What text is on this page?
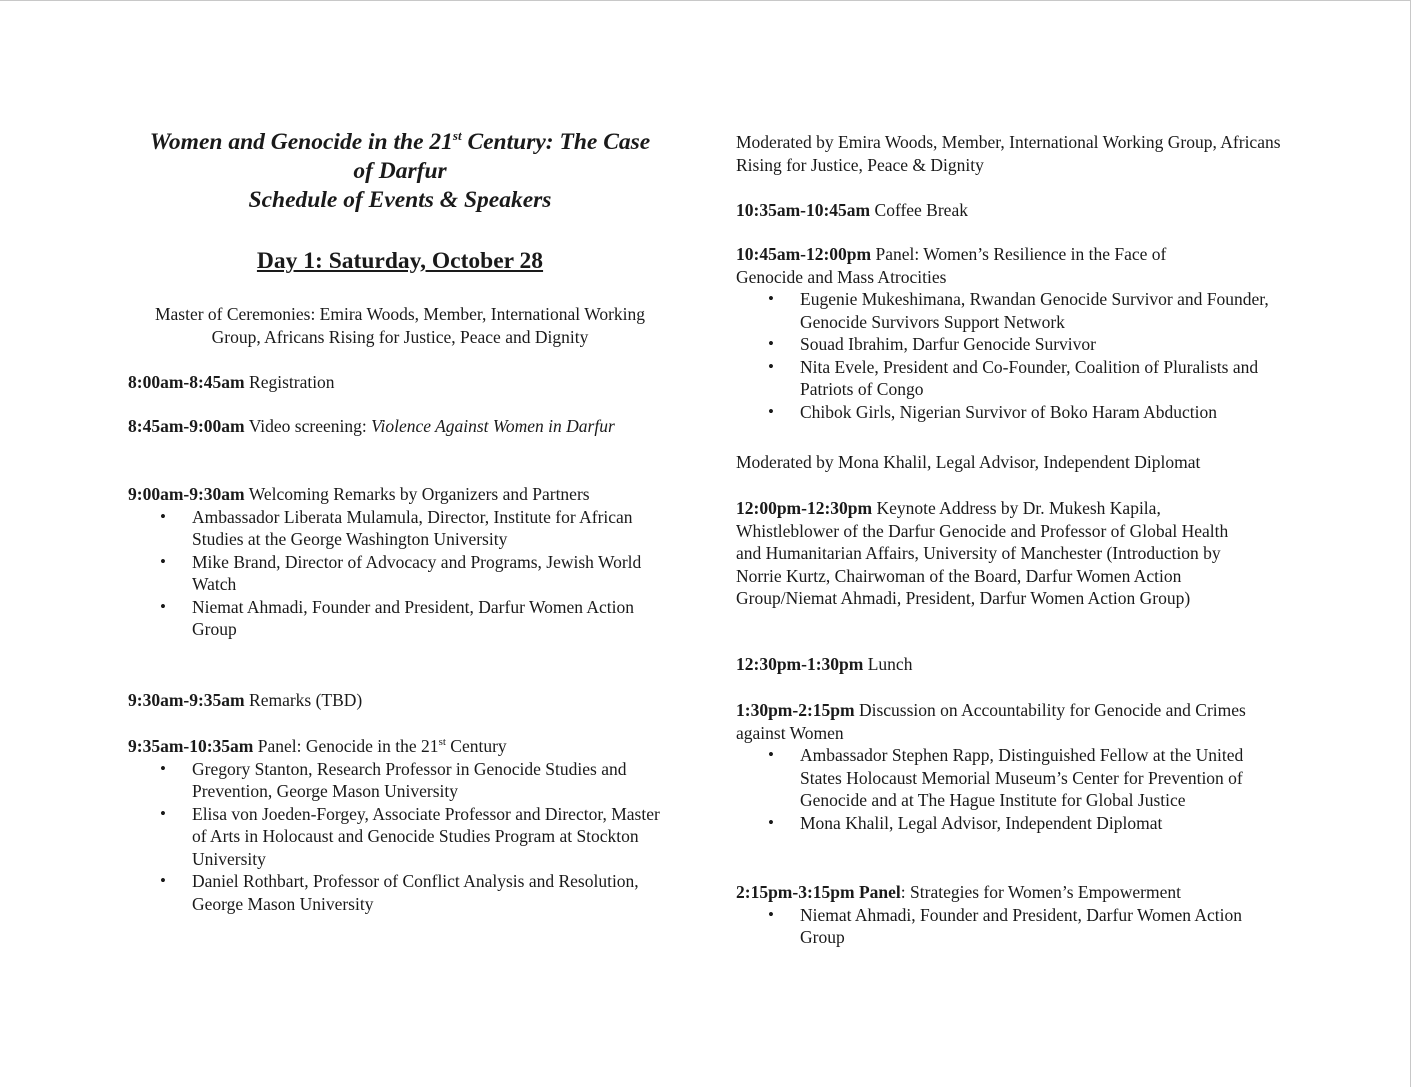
Women and Genocide in the 21st Century: The Case
of Darfur
Schedule of Events & Speakers
Day 1: Saturday, October 28
Master of Ceremonies: Emira Woods, Member, International Working Group, Africans Rising for Justice, Peace and Dignity
8:00am-8:45am Registration
8:45am-9:00am Video screening: Violence Against Women in Darfur
9:00am-9:30am Welcoming Remarks by Organizers and Partners
• Ambassador Liberata Mulamula, Director, Institute for African Studies at the George Washington University
• Mike Brand, Director of Advocacy and Programs, Jewish World Watch
• Niemat Ahmadi, Founder and President, Darfur Women Action Group
9:30am-9:35am Remarks (TBD)
9:35am-10:35am Panel: Genocide in the 21st Century
• Gregory Stanton, Research Professor in Genocide Studies and Prevention, George Mason University
• Elisa von Joeden-Forgey, Associate Professor and Director, Master of Arts in Holocaust and Genocide Studies Program at Stockton University
• Daniel Rothbart, Professor of Conflict Analysis and Resolution, George Mason University
Moderated by Emira Woods, Member, International Working Group, Africans Rising for Justice, Peace & Dignity
10:35am-10:45am Coffee Break
10:45am-12:00pm Panel: Women’s Resilience in the Face of Genocide and Mass Atrocities
• Eugenie Mukeshimana, Rwandan Genocide Survivor and Founder, Genocide Survivors Support Network
• Souad Ibrahim, Darfur Genocide Survivor
• Nita Evele, President and Co-Founder, Coalition of Pluralists and Patriots of Congo
• Chibok Girls, Nigerian Survivor of Boko Haram Abduction
Moderated by Mona Khalil, Legal Advisor, Independent Diplomat
12:00pm-12:30pm Keynote Address by Dr. Mukesh Kapila, Whistleblower of the Darfur Genocide and Professor of Global Health and Humanitarian Affairs, University of Manchester (Introduction by Norrie Kurtz, Chairwoman of the Board, Darfur Women Action Group/Niemat Ahmadi, President, Darfur Women Action Group)
12:30pm-1:30pm Lunch
1:30pm-2:15pm Discussion on Accountability for Genocide and Crimes against Women
• Ambassador Stephen Rapp, Distinguished Fellow at the United States Holocaust Memorial Museum’s Center for Prevention of Genocide and at The Hague Institute for Global Justice
• Mona Khalil, Legal Advisor, Independent Diplomat
2:15pm-3:15pm Panel: Strategies for Women’s Empowerment
• Niemat Ahmadi, Founder and President, Darfur Women Action Group
